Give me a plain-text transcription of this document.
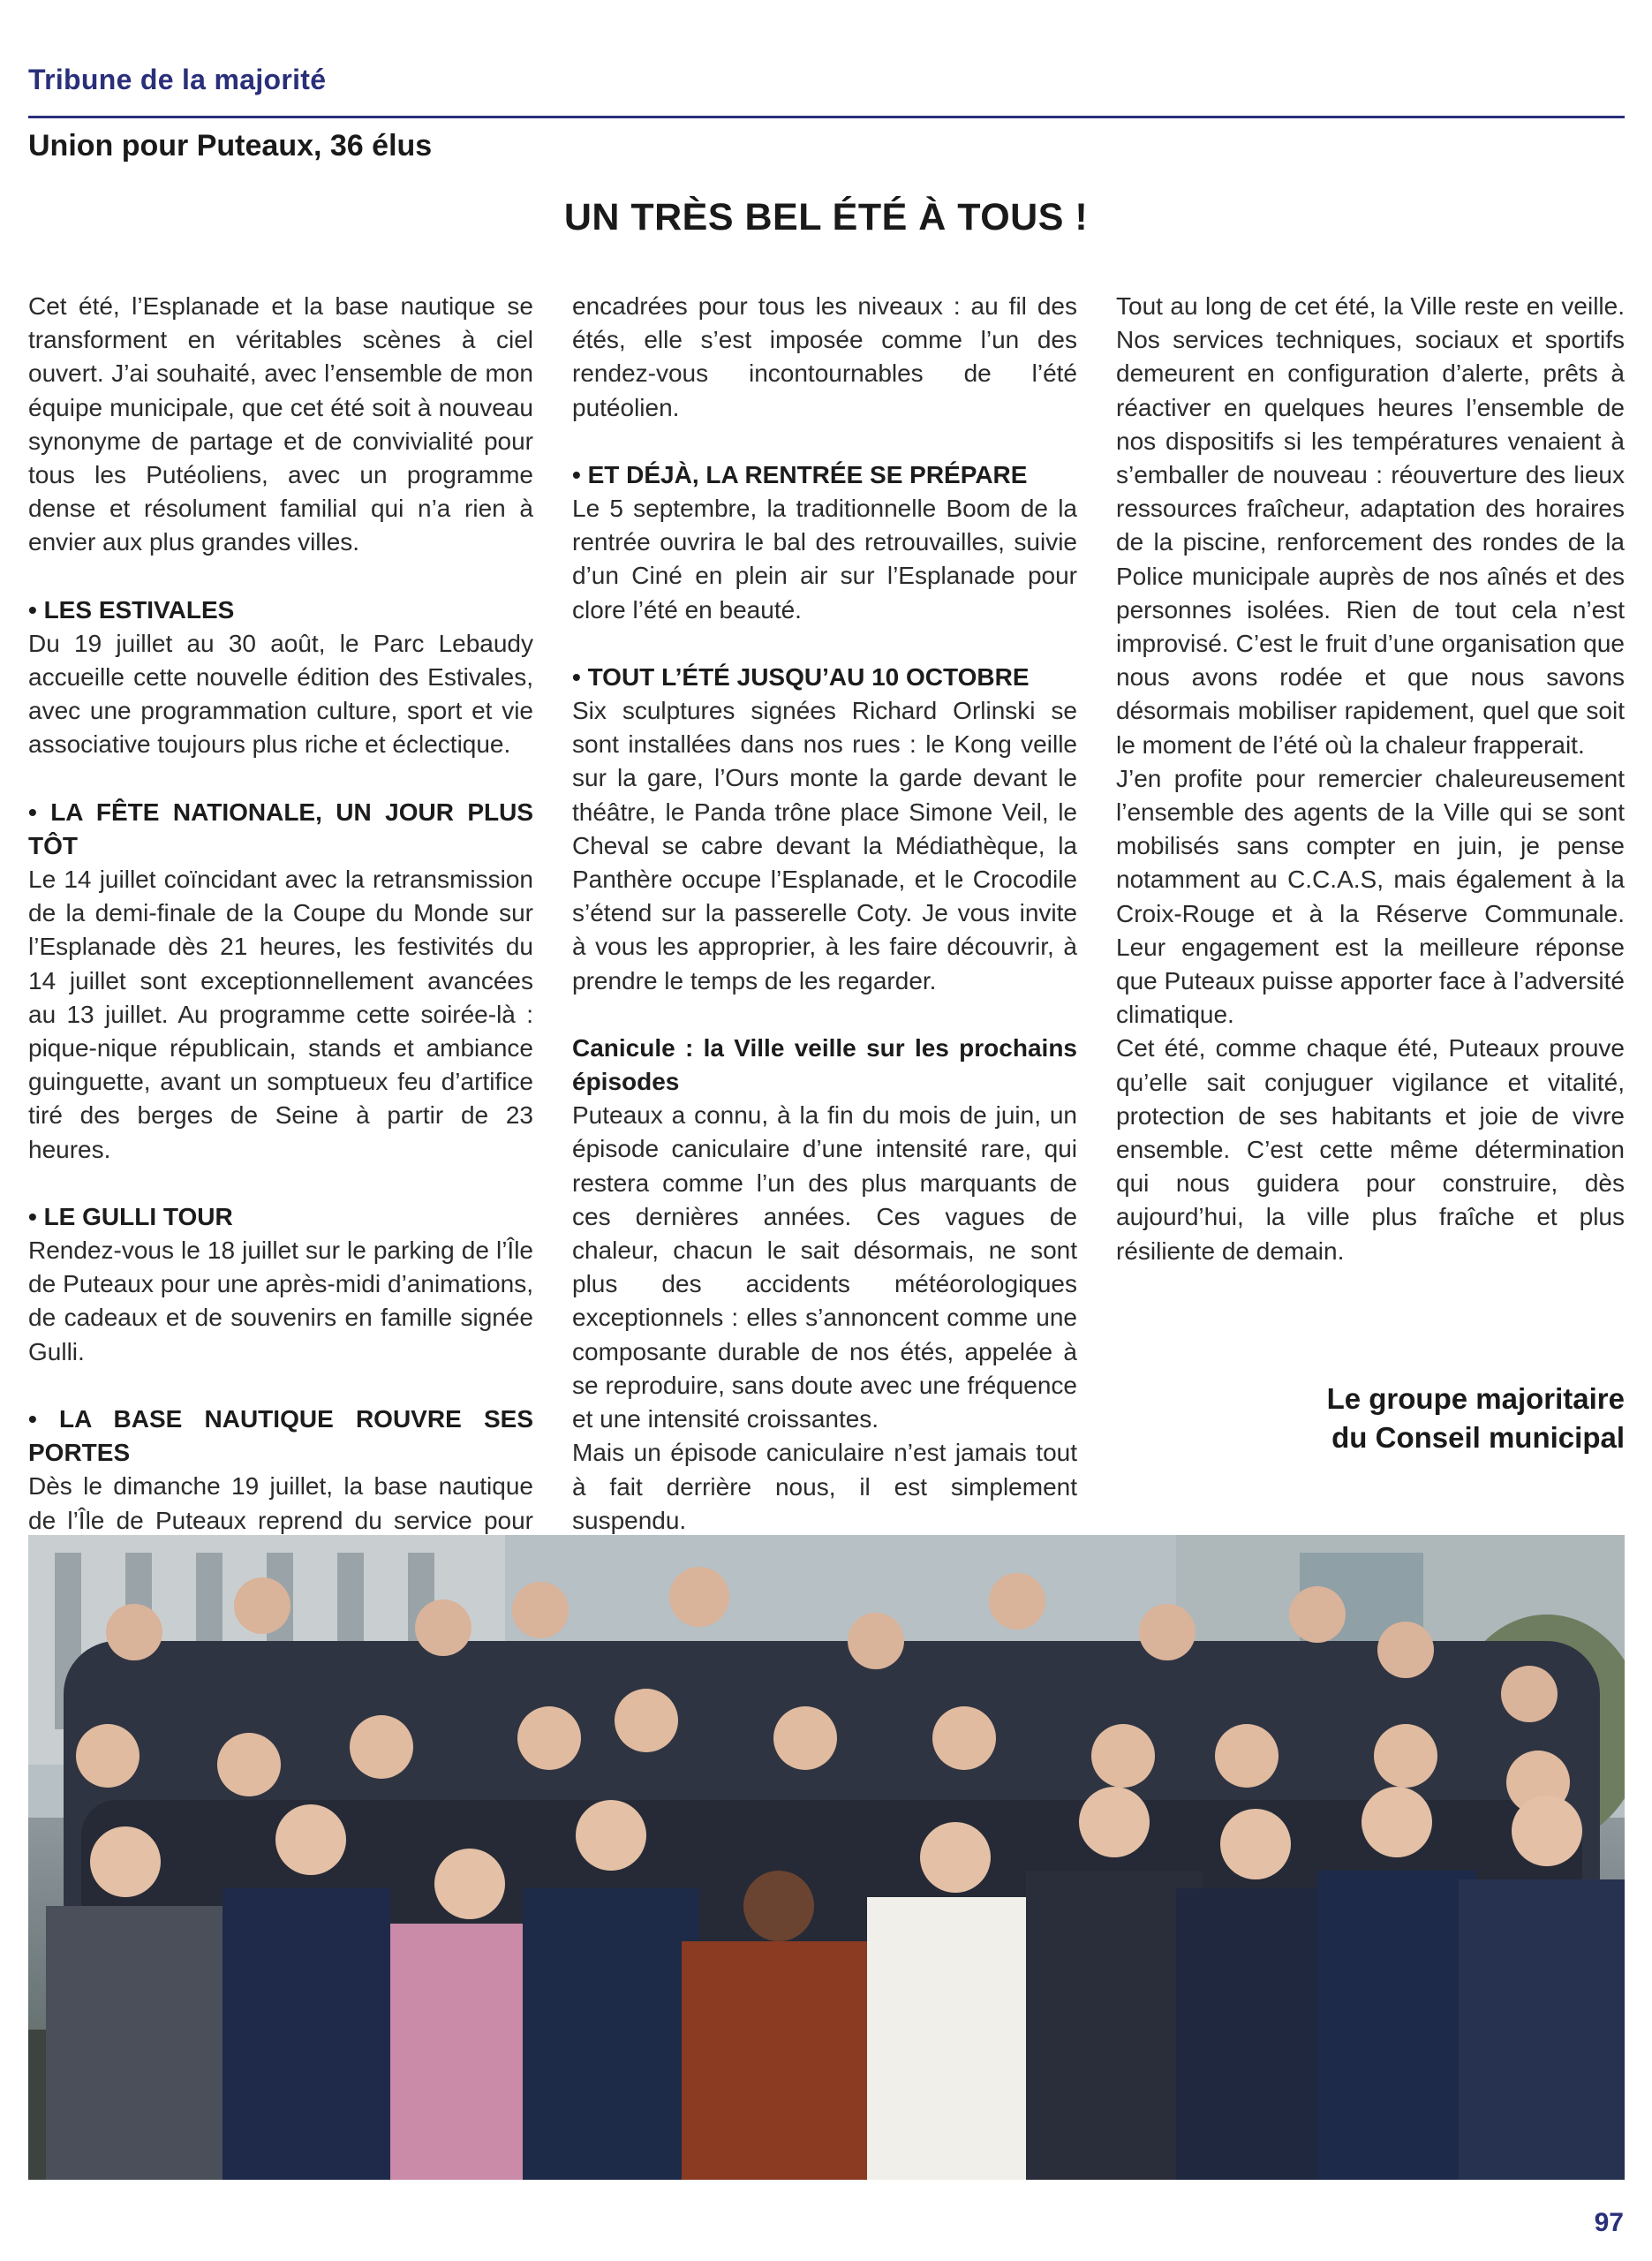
Tribune de la majorité
Union pour Puteaux, 36 élus
UN TRÈS BEL ÉTÉ À TOUS !

Cet été, l’Esplanade et la base nautique se transforment en véritables scènes à ciel ouvert. J’ai souhaité, avec l’ensemble de mon équipe municipale, que cet été soit à nouveau synonyme de partage et de convivialité pour tous les Putéoliens, avec un programme dense et résolument familial qui n’a rien à envier aux plus grandes villes.

• LES ESTIVALES

Du 19 juillet au 30 août, le Parc Lebaudy accueille cette nouvelle édition des Estivales, avec une programmation culture, sport et vie associative toujours plus riche et éclectique.

• LA FÊTE NATIONALE, UN JOUR PLUS TÔT

Le 14 juillet coïncidant avec la retransmission de la demi-finale de la Coupe du Monde sur l’Esplanade dès 21 heures, les festivités du 14 juillet sont exceptionnellement avancées au 13 juillet. Au programme cette soirée-là : pique-nique républicain, stands et ambiance guinguette, avant un somptueux feu d’artifice tiré des berges de Seine à partir de 23 heures.

• LE GULLI TOUR

Rendez-vous le 18 juillet sur le parking de l’Île de Puteaux pour une après-midi d’animations, de cadeaux et de souvenirs en famille signée Gulli.

• LA BASE NAUTIQUE ROUVRE SES PORTES

Dès le dimanche 19 juillet, la base nautique de l’Île de Puteaux reprend du service pour

encadrées pour tous les niveaux : au fil des étés, elle s’est imposée comme l’un des rendez-vous incontournables de l’été putéolien.

• ET DÉJÀ, LA RENTRÉE SE PRÉPARE

Le 5 septembre, la traditionnelle Boom de la rentrée ouvrira le bal des retrouvailles, suivie d’un Ciné en plein air sur l’Esplanade pour clore l’été en beauté.

• TOUT L’ÉTÉ JUSQU’AU 10 OCTOBRE

Six sculptures signées Richard Orlinski se sont installées dans nos rues : le Kong veille sur la gare, l’Ours monte la garde devant le théâtre, le Panda trône place Simone Veil, le Cheval se cabre devant la Médiathèque, la Panthère occupe l’Esplanade, et le Crocodile s’étend sur la passerelle Coty. Je vous invite à vous les approprier, à les faire découvrir, à prendre le temps de les regarder.

Canicule : la Ville veille sur les prochains épisodes

Puteaux a connu, à la fin du mois de juin, un épisode caniculaire d’une intensité rare, qui restera comme l’un des plus marquants de ces dernières années. Ces vagues de chaleur, chacun le sait désormais, ne sont plus des accidents météorologiques exceptionnels : elles s’annoncent comme une composante durable de nos étés, appelée à se reproduire, sans doute avec une fréquence et une intensité croissantes.

Mais un épisode caniculaire n’est jamais tout à fait derrière nous, il est simplement suspendu.

Tout au long de cet été, la Ville reste en veille. Nos services techniques, sociaux et sportifs demeurent en configuration d’alerte, prêts à réactiver en quelques heures l’ensemble de nos dispositifs si les températures venaient à s’emballer de nouveau : réouverture des lieux ressources fraîcheur, adaptation des horaires de la piscine, renforcement des rondes de la Police municipale auprès de nos aînés et des personnes isolées. Rien de tout cela n’est improvisé. C’est le fruit d’une organisation que nous avons rodée et que nous savons désormais mobiliser rapidement, quel que soit le moment de l’été où la chaleur frapperait.

J’en profite pour remercier chaleureusement l’ensemble des agents de la Ville qui se sont mobilisés sans compter en juin, je pense notamment au C.C.A.S, mais également à la Croix-Rouge et à la Réserve Communale. Leur engagement est la meilleure réponse que Puteaux puisse apporter face à l’adversité climatique.

Cet été, comme chaque été, Puteaux prouve qu’elle sait conjuguer vigilance et vitalité, protection de ses habitants et joie de vivre ensemble. C’est cette même détermination qui nous guidera pour construire, dès aujourd’hui, la ville plus fraîche et plus résiliente de demain.

Le groupe majoritaire
du Conseil municipal
97
